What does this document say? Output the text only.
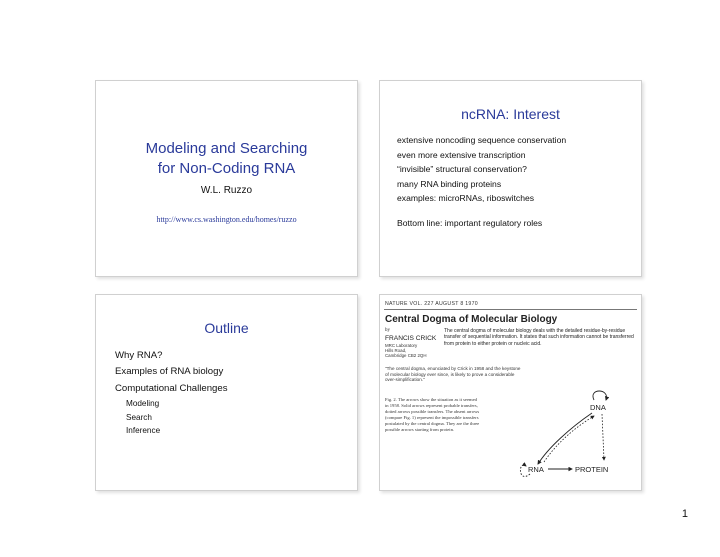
Modeling and Searching
for Non-Coding RNA
W.L. Ruzzo
http://www.cs.washington.edu/homes/ruzzo
ncRNA: Interest
extensive noncoding sequence conservation
even more extensive transcription
“invisible” structural conservation?
many RNA binding proteins
examples: microRNAs, riboswitches
Bottom line: important regulatory roles
Outline
Why RNA?
Examples of RNA biology
Computational Challenges
Modeling
Search
Inference
NATURE VOL. 227 AUGUST 8 1970
Central Dogma of Molecular Biology
by
FRANCIS CRICK
MRC Laboratory
Hills Road,
Cambridge CB2 2QH
The central dogma of molecular biology deals with the detailed residue-by-residue transfer of sequential information. It states that such information cannot be transferred from protein to either protein or nucleic acid.
"The central dogma, enunciated by Crick in 1958 and the keystone of molecular biology ever since, is likely to prove a considerable over-simplification."
Fig. 2. The arrows show the situation as it seemed in 1958. Solid arrows represent probable transfers, dotted arrows possible transfers. The absent arrows (compare Fig. 1) represent the impossible transfers postulated by the central dogma. They are the three possible arrows starting from protein.
DNA
RNA	PROTEIN
1
